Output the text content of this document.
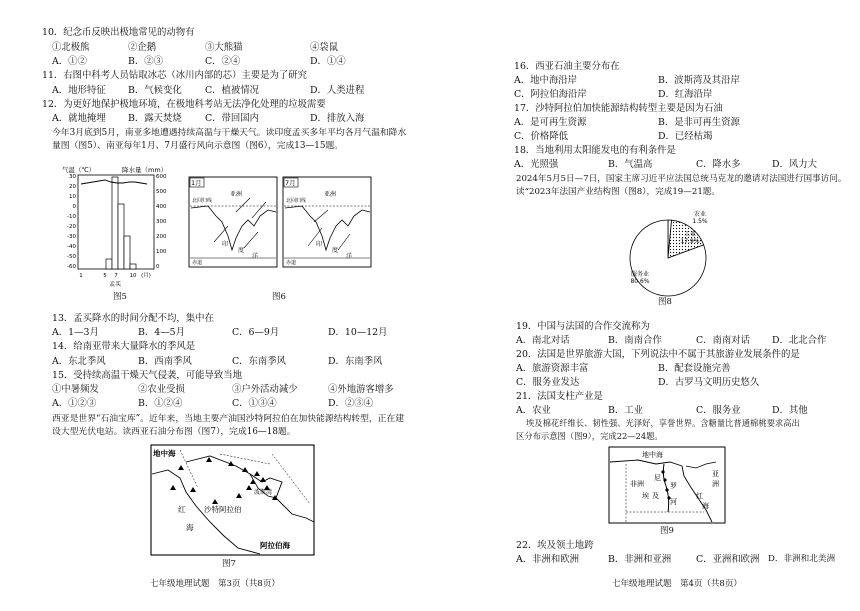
10．纪念币反映出极地常见的动物有
①北极熊	②企鹅	③大熊猫	④袋鼠
A．①②	B．②③	C．②④	D．①④
11．右图中科考人员钻取冰芯（冰川内部的芯）主要是为了研究
A．地形特征 B．气候变化 C．植被情况	D．人类进程
12．为更好地保护极地环境，在极地科考站无法净化处理的垃圾需要
A．就地掩埋 B．露天焚烧 C．带回国内	D．排放入海
今年3月底到5月，南亚多地遭遇持续高温与干燥天气。读印度孟买多年平均各月气温和降水量图（图5）、南亚每年1月、7月盛行风向示意图（图6），完成13—15题。
气温（℃）	降水量（mm）
30
20
10
0
-10
-20
-30
-40
-50
-60
600
500
400
300
200
100
0
1	5 7 10 (月)
孟买
图5
1月	7月
亚洲
北回归线
赤道
印
度
洋
亚洲
北回归线
赤道
印
度
洋
图6
13．孟买降水的时间分配不均，集中在
A．1—3月	B．4—5月	C．6—9月	D．10—12月
14．给南亚带来大量降水的季风是
A．东北季风	B．西南季风	C．东南季风	D．东南季风
15．受持续高温干燥天气侵袭，可能导致当地
①中暑频发	②农业受损	③户外活动减少	④外地游客增多
A．①②③	B．①②④	C．①③④	D．②③④
西亚是世界“石油宝库”。近年来，当地主要产油国沙特阿拉伯在加快能源结构转型，正在建设大型光伏电站。读西亚石油分布图（图7），完成16—18题。
地中海
波斯湾
红
海
沙特阿拉伯
阿拉伯海
图7
七年级地理试题　第3页（共8页）
16．西亚石油主要分布在
A．地中海沿岸	B．波斯湾及其沿岸
C．阿拉伯海沿岸	D．红海沿岸
17．沙特阿拉伯加快能源结构转型主要是因为石油
A．是可再生资源	B．是非可再生资源
C．价格降低	D．已经枯竭
18．当地利用太阳能发电的有利条件是
A．光照强	B．气温高	C．降水多	D．风力大
2024年5月5日—7日，国家主席习近平应法国总统马克龙的邀请对法国进行国事访问。读“2023年法国产业结构图（图8），完成19—21题。
农业
1.5%
工业
17.9%
服务业
80.6%
图8
19．中国与法国的合作交流称为
A．南北对话	B．南南合作	C．南南对话 D．北北合作
20．法国是世界旅游大国，下列说法中不属于其旅游业发展条件的是
A．旅游资源丰富	B．配套设施完善
C．服务业发达	D．古罗马文明历史悠久
21．法国支柱产业是
A．农业	B．工业	C．服务业	D．其他
埃及棉花纤维长、韧性强、光泽好，享誉世界。含糖量比普通棉桃要求高出
区分布示意图（图9），完成22—24题。
地中海
非洲
亚
洲
尼
罗
河
埃 及	红
海
图9
22．埃及领土地跨
A．非洲和欧洲	B．非洲和亚洲	C．亚洲和欧洲 D．非洲和北美洲
七年级地理试题　第4页（共8页）
